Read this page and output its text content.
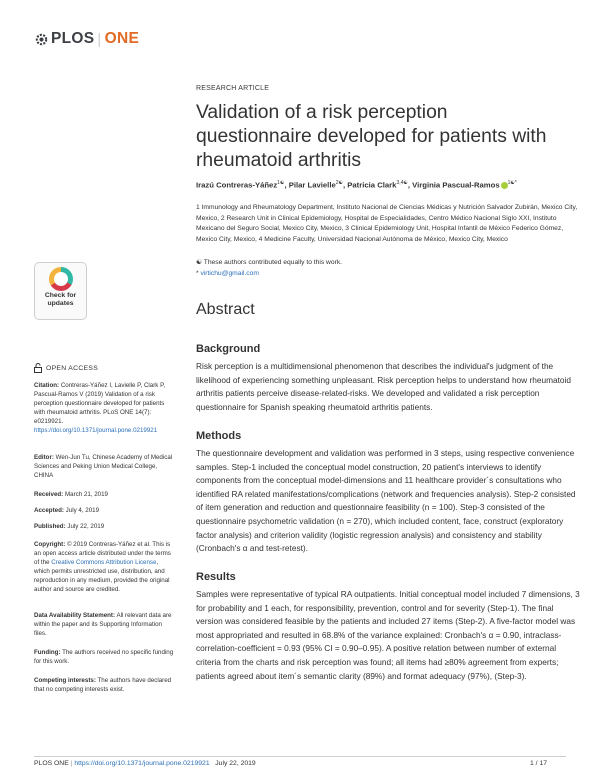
PLOS | ONE
RESEARCH ARTICLE
Validation of a risk perception questionnaire developed for patients with rheumatoid arthritis
Irazú Contreras-Yáñez$^{1☯}$, Pilar Lavielle$^{2☯}$, Patricia Clark$^{3,4☯}$, Virginia Pascual-Ramos $^{1☯*}$
1 Immunology and Rheumatology Department, Instituto Nacional de Ciencias Médicas y Nutrición Salvador Zubirán, Mexico City, Mexico, 2 Research Unit in Clinical Epidemiology, Hospital de Especialidades, Centro Médico Nacional Siglo XXI, Instituto Mexicano del Seguro Social, Mexico City, Mexico, 3 Clinical Epidemiology Unit, Hospital Infantil de México Federico Gómez, Mexico City, Mexico, 4 Medicine Faculty, Universidad Nacional Autónoma de México, Mexico City, Mexico
☯ These authors contributed equally to this work.
* virtichu@gmail.com
Check for
updates
OPEN ACCESS
Citation: Contreras-Yáñez I, Lavielle P, Clark P, Pascual-Ramos V (2019) Validation of a risk perception questionnaire developed for patients with rheumatoid arthritis. PLoS ONE 14(7): e0219921. https://doi.org/10.1371/journal.pone.0219921
Editor: Wen-Jun Tu, Chinese Academy of Medical Sciences and Peking Union Medical College, CHINA
Received: March 21, 2019
Accepted: July 4, 2019
Published: July 22, 2019
Copyright: © 2019 Contreras-Yáñez et al. This is an open access article distributed under the terms of the Creative Commons Attribution License, which permits unrestricted use, distribution, and reproduction in any medium, provided the original author and source are credited.
Data Availability Statement: All relevant data are within the paper and its Supporting Information files.
Funding: The authors received no specific funding for this work.
Competing interests: The authors have declared that no competing interests exist.
Abstract
Background
Risk perception is a multidimensional phenomenon that describes the individual's judgment of the likelihood of experiencing something unpleasant. Risk perception helps to understand how rheumatoid arthritis patients perceive disease-related-risks. We developed and validated a risk perception questionnaire for Spanish speaking rheumatoid arthritis patients.
Methods
The questionnaire development and validation was performed in 3 steps, using respective convenience samples. Step-1 included the conceptual model construction, 20 patient's interviews to identify components from the conceptual model-dimensions and 11 healthcare provider´s consultations who identified RA related manifestations/complications (network and frequencies analysis). Step-2 consisted of item generation and reduction and questionnaire feasibility (n = 100). Step-3 consisted of the questionnaire psychometric validation (n = 270), which included content, face, construct (exploratory factor analysis) and criterion validity (logistic regression analysis) and consistency and stability (Cronbach's α and test-retest).
Results
Samples were representative of typical RA outpatients. Initial conceptual model included 7 dimensions, 3 for probability and 1 each, for responsibility, prevention, control and for severity (Step-1). The final version was considered feasible by the patients and included 27 items (Step-2). A five-factor model was most appropriated and resulted in 68.8% of the variance explained: Cronbach's α = 0.90, intraclass-correlation-coefficient = 0.93 (95% CI = 0.90–0.95). A positive relation between number of external criteria from the charts and risk perception was found; all items had ≥80% agreement from experts; patients agreed about item´s semantic clarity (89%) and format adequacy (97%), (Step-3).
PLOS ONE | https://doi.org/10.1371/journal.pone.0219921 July 22, 2019	1 / 17
